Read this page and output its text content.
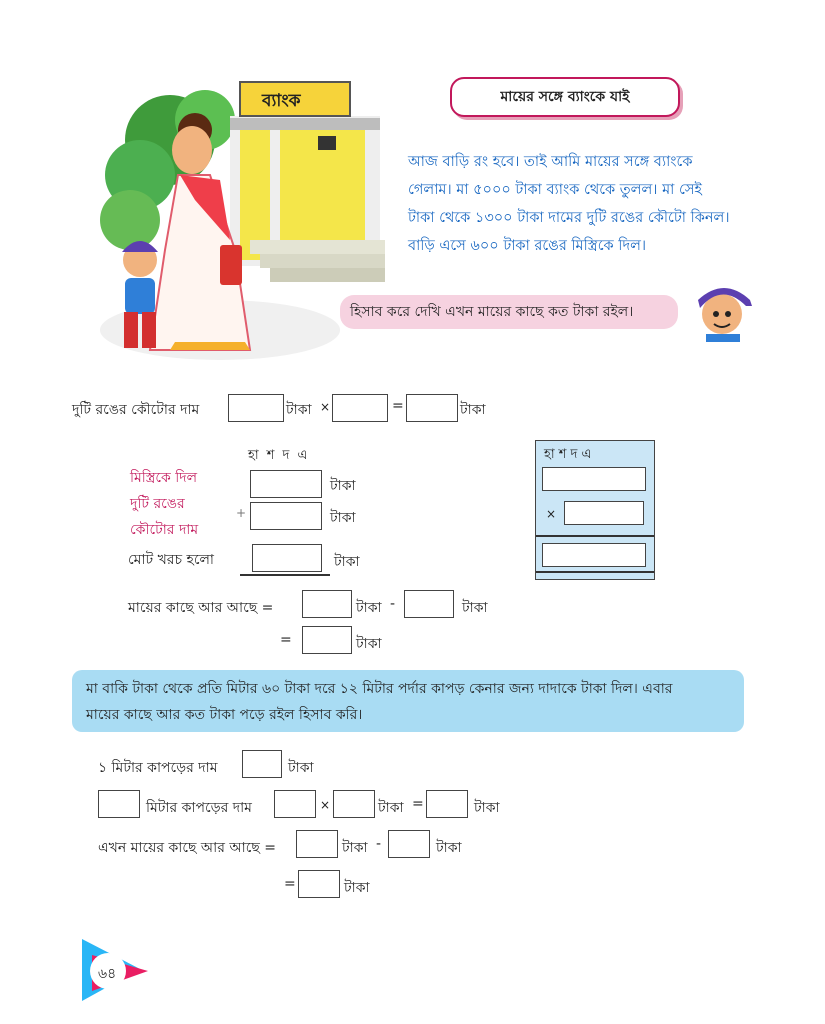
ব্যাংক	মায়ের সঙ্গে ব্যাংকে যাই
আজ বাড়ি রং হবে। তাই আমি মায়ের সঙ্গে ব্যাংকে
গেলাম। মা ৫০০০ টাকা ব্যাংক থেকে তুলল। মা সেই
টাকা থেকে ১৩০০ টাকা দামের দুটি রঙের কৌটো কিনল।
বাড়ি এসে ৬০০ টাকা রঙের মিস্ত্রিকে দিল।
হিসাব করে দেখি এখন মায়ের কাছে কত টাকা রইল।
দুটি রঙের কৌটোর দাম	টাকা ×	=	টাকা
হা শ দ এ
মিস্ত্রিকে দিল	টাকা
দুটি রঙের
কৌটোর দাম
+	টাকা
মোট খরচ হলো	টাকা
হা শ দ এ
×
মায়ের কাছে আর আছে =	টাকা -	টাকা
=	টাকা
মা বাকি টাকা থেকে প্রতি মিটার ৬০ টাকা দরে ১২ মিটার পর্দার কাপড় কেনার জন্য দাদাকে টাকা দিল। এবার
মায়ের কাছে আর কত টাকা পড়ে রইল হিসাব করি।
১ মিটার কাপড়ের দাম	টাকা
মিটার কাপড়ের দাম	×	টাকা =	টাকা
এখন মায়ের কাছে আর আছে =	টাকা -	টাকা
=	টাকা
৬৪
